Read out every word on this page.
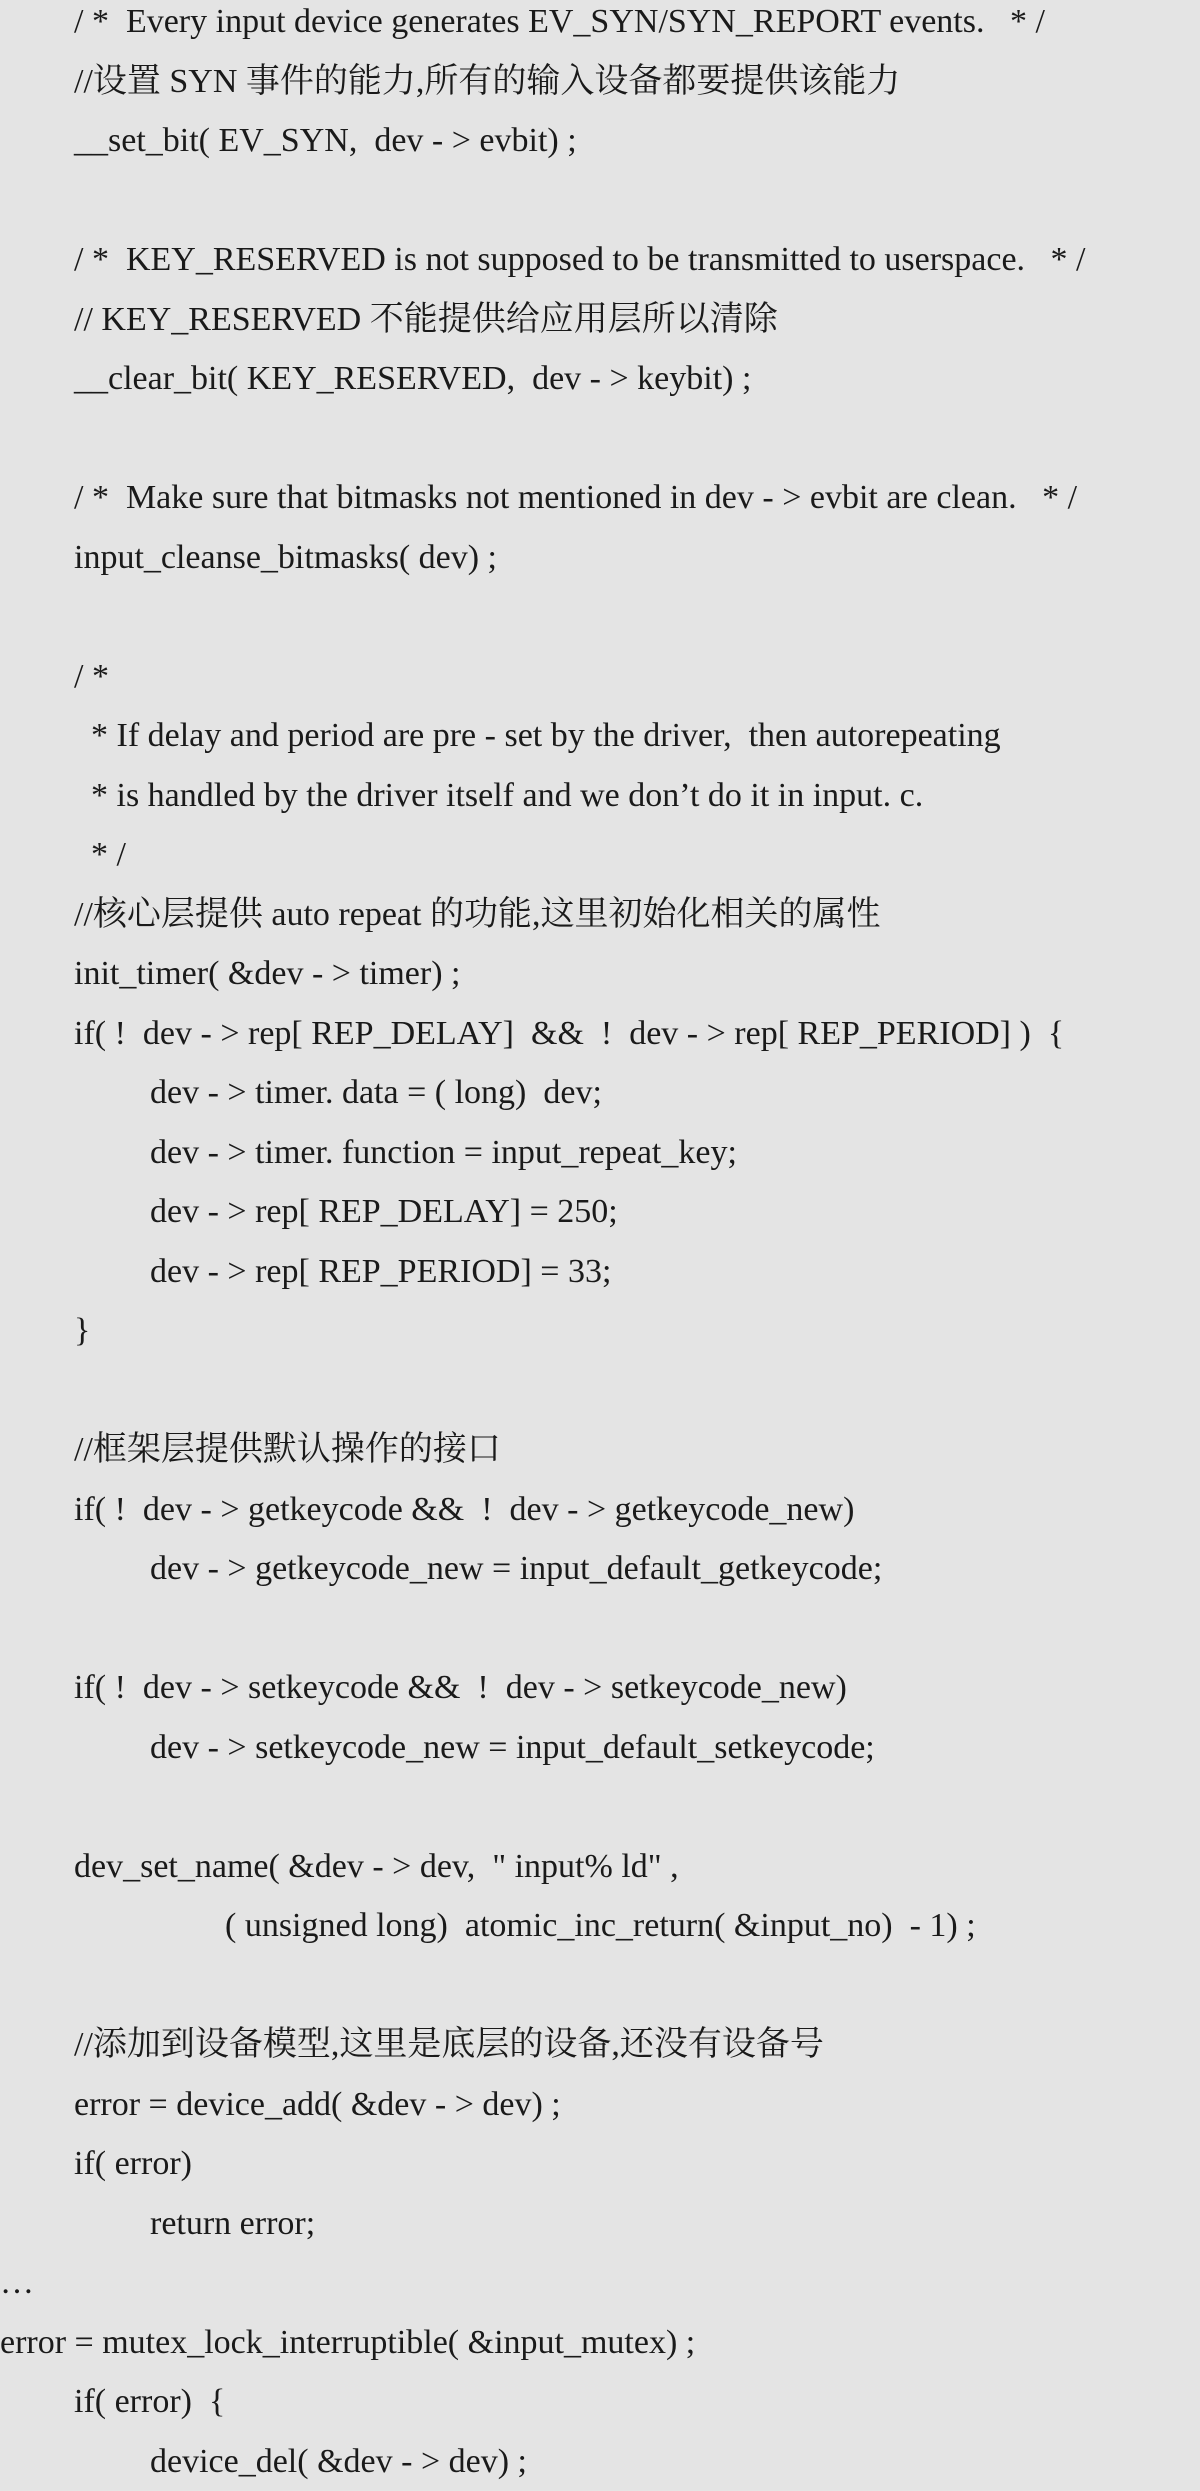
/ *  Every input device generates EV_SYN/SYN_REPORT events.   * /
//设置 SYN 事件的能力,所有的输入设备都要提供该能力
__set_bit( EV_SYN,  dev - > evbit) ;
/ *  KEY_RESERVED is not supposed to be transmitted to userspace.   * /
// KEY_RESERVED 不能提供给应用层所以清除
__clear_bit( KEY_RESERVED,  dev - > keybit) ;
/ *  Make sure that bitmasks not mentioned in dev - > evbit are clean.   * /
input_cleanse_bitmasks( dev) ;
/ *
* If delay and period are pre - set by the driver,  then autorepeating
* is handled by the driver itself and we don’t do it in input. c.
* /
//核心层提供 auto repeat 的功能,这里初始化相关的属性
init_timer( &dev - > timer) ;
if( !  dev - > rep[ REP_DELAY]  &&  !  dev - > rep[ REP_PERIOD] )  {
dev - > timer. data = ( long)  dev;
dev - > timer. function = input_repeat_key;
dev - > rep[ REP_DELAY] = 250;
dev - > rep[ REP_PERIOD] = 33;
}
//框架层提供默认操作的接口
if( !  dev - > getkeycode &&  !  dev - > getkeycode_new)
dev - > getkeycode_new = input_default_getkeycode;
if( !  dev - > setkeycode &&  !  dev - > setkeycode_new)
dev - > setkeycode_new = input_default_setkeycode;
dev_set_name( &dev - > dev,  " input% ld" ,
( unsigned long)  atomic_inc_return( &input_no)  - 1) ;
//添加到设备模型,这里是底层的设备,还没有设备号
error = device_add( &dev - > dev) ;
if( error)
return error;
…
error = mutex_lock_interruptible( &input_mutex) ;
if( error)  {
device_del( &dev - > dev) ;
